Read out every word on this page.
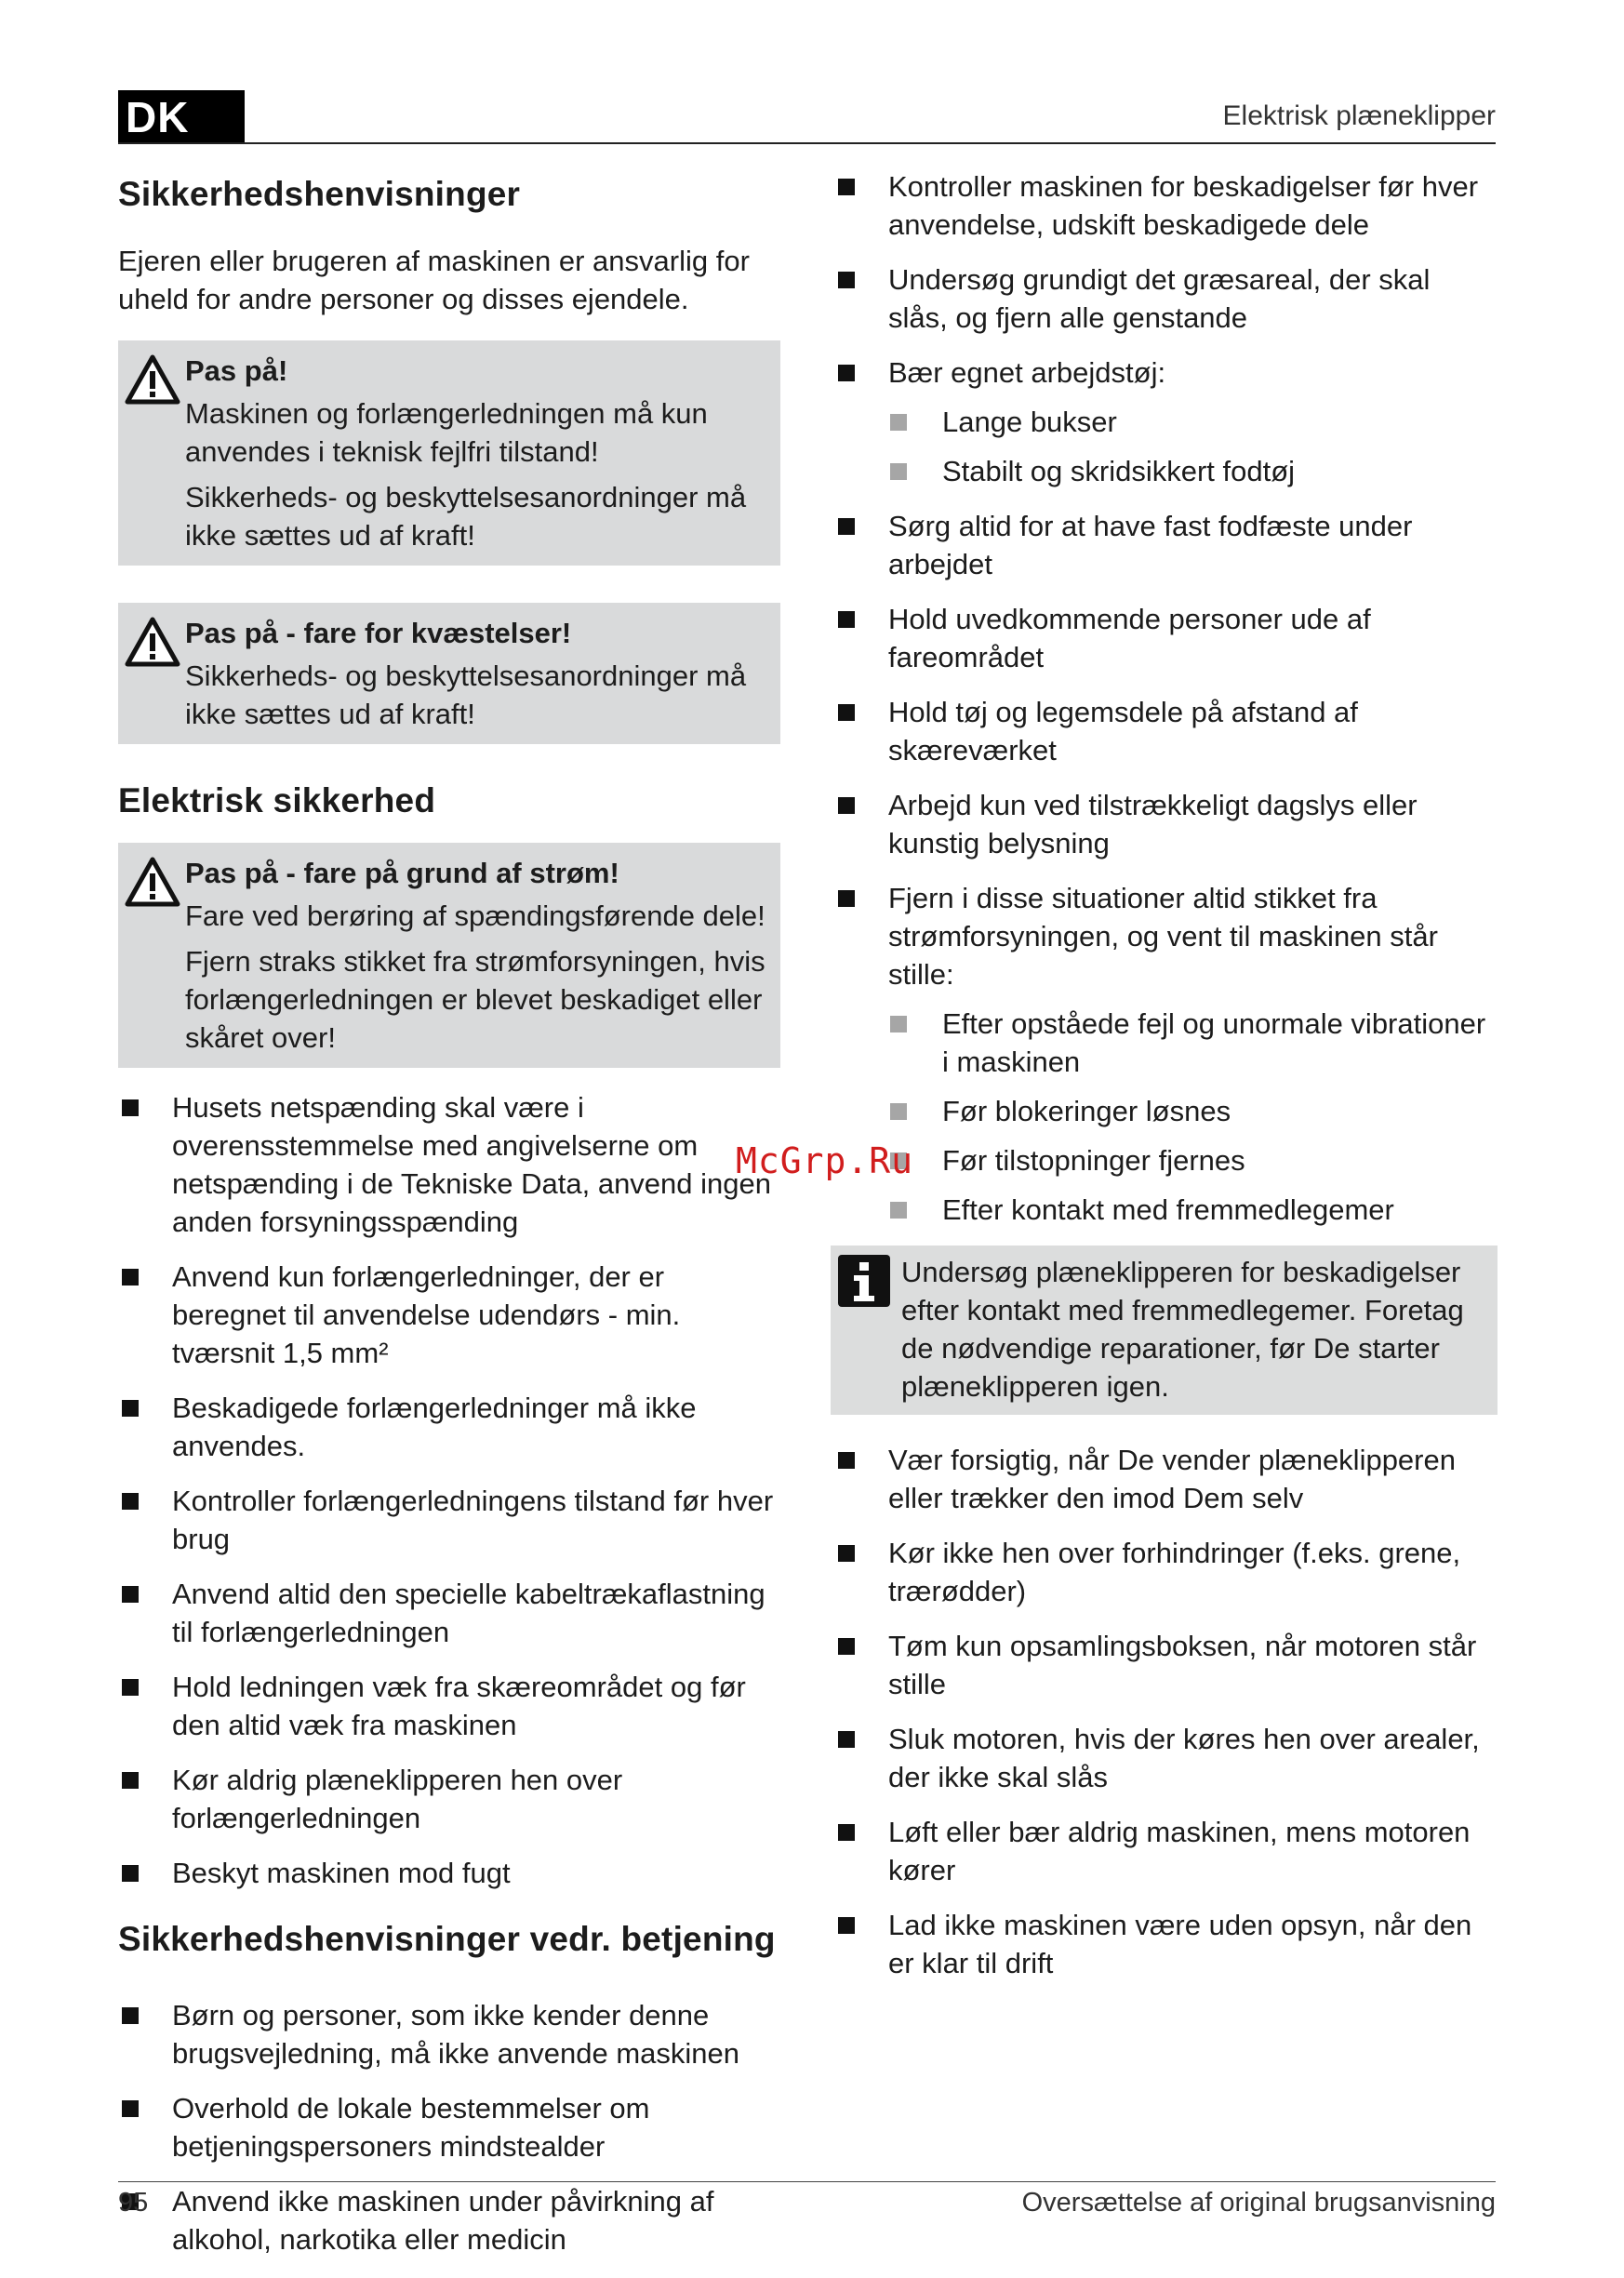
DK	Elektrisk plæneklipper
Sikkerhedshenvisninger

Ejeren eller brugeren af maskinen er ansvarlig for uheld for andre personer og disses ejendele.

Pas på!
Maskinen og forlængerledningen må kun anvendes i teknisk fejlfri tilstand!
Sikkerheds- og beskyttelsesanordninger må ikke sættes ud af kraft!
Pas på - fare for kvæstelser!
Sikkerheds- og beskyttelsesanordninger må ikke sættes ud af kraft!
Elektrisk sikkerhed
Pas på - fare på grund af strøm!
Fare ved berøring af spændingsførende dele!
Fjern straks stikket fra strømforsyningen, hvis forlængerledningen er blevet beskadiget eller skåret over!
Husets netspænding skal være i overensstemmelse med angivelserne om netspænding i de Tekniske Data, anvend ingen anden forsyningsspænding
Anvend kun forlængerledninger, der er beregnet til anvendelse udendørs - min. tværsnit 1,5 mm²
Beskadigede forlængerledninger må ikke anvendes.
Kontroller forlængerledningens tilstand før hver brug
Anvend altid den specielle kabeltrækaflastning til forlængerledningen
Hold ledningen væk fra skæreområdet og før den altid væk fra maskinen
Kør aldrig plæneklipperen hen over forlængerledningen
Beskyt maskinen mod fugt
Sikkerhedshenvisninger vedr. betjening
Børn og personer, som ikke kender denne brugsvejledning, må ikke anvende maskinen
Overhold de lokale bestemmelser om betjeningspersoners mindstealder
Anvend ikke maskinen under påvirkning af alkohol, narkotika eller medicin
Kontroller maskinen for beskadigelser før hver anvendelse, udskift beskadigede dele
Undersøg grundigt det græsareal, der skal slås, og fjern alle genstande
Bær egnet arbejdstøj:
Lange bukser
Stabilt og skridsikkert fodtøj
Sørg altid for at have fast fodfæste under arbejdet
Hold uvedkommende personer ude af fareområdet
Hold tøj og legemsdele på afstand af skæreværket
Arbejd kun ved tilstrækkeligt dagslys eller kunstig belysning
Fjern i disse situationer altid stikket fra strømforsyningen, og vent til maskinen står stille:
Efter opståede fejl og unormale vibrationer i maskinen
Før blokeringer løsnes
Før tilstopninger fjernes
Efter kontakt med fremmedlegemer
Undersøg plæneklipperen for beskadigelser efter kontakt med fremmedlegemer. Foretag de nødvendige reparationer, før De starter plæneklipperen igen.
Vær forsigtig, når De vender plæneklipperen eller trækker den imod Dem selv
Kør ikke hen over forhindringer (f.eks. grene, trærødder)
Tøm kun opsamlingsboksen, når motoren står stille
Sluk motoren, hvis der køres hen over arealer, der ikke skal slås
Løft eller bær aldrig maskinen, mens motoren kører
Lad ikke maskinen være uden opsyn, når den er klar til drift
McGrp.Ru
95	Oversættelse af original brugsanvisning
